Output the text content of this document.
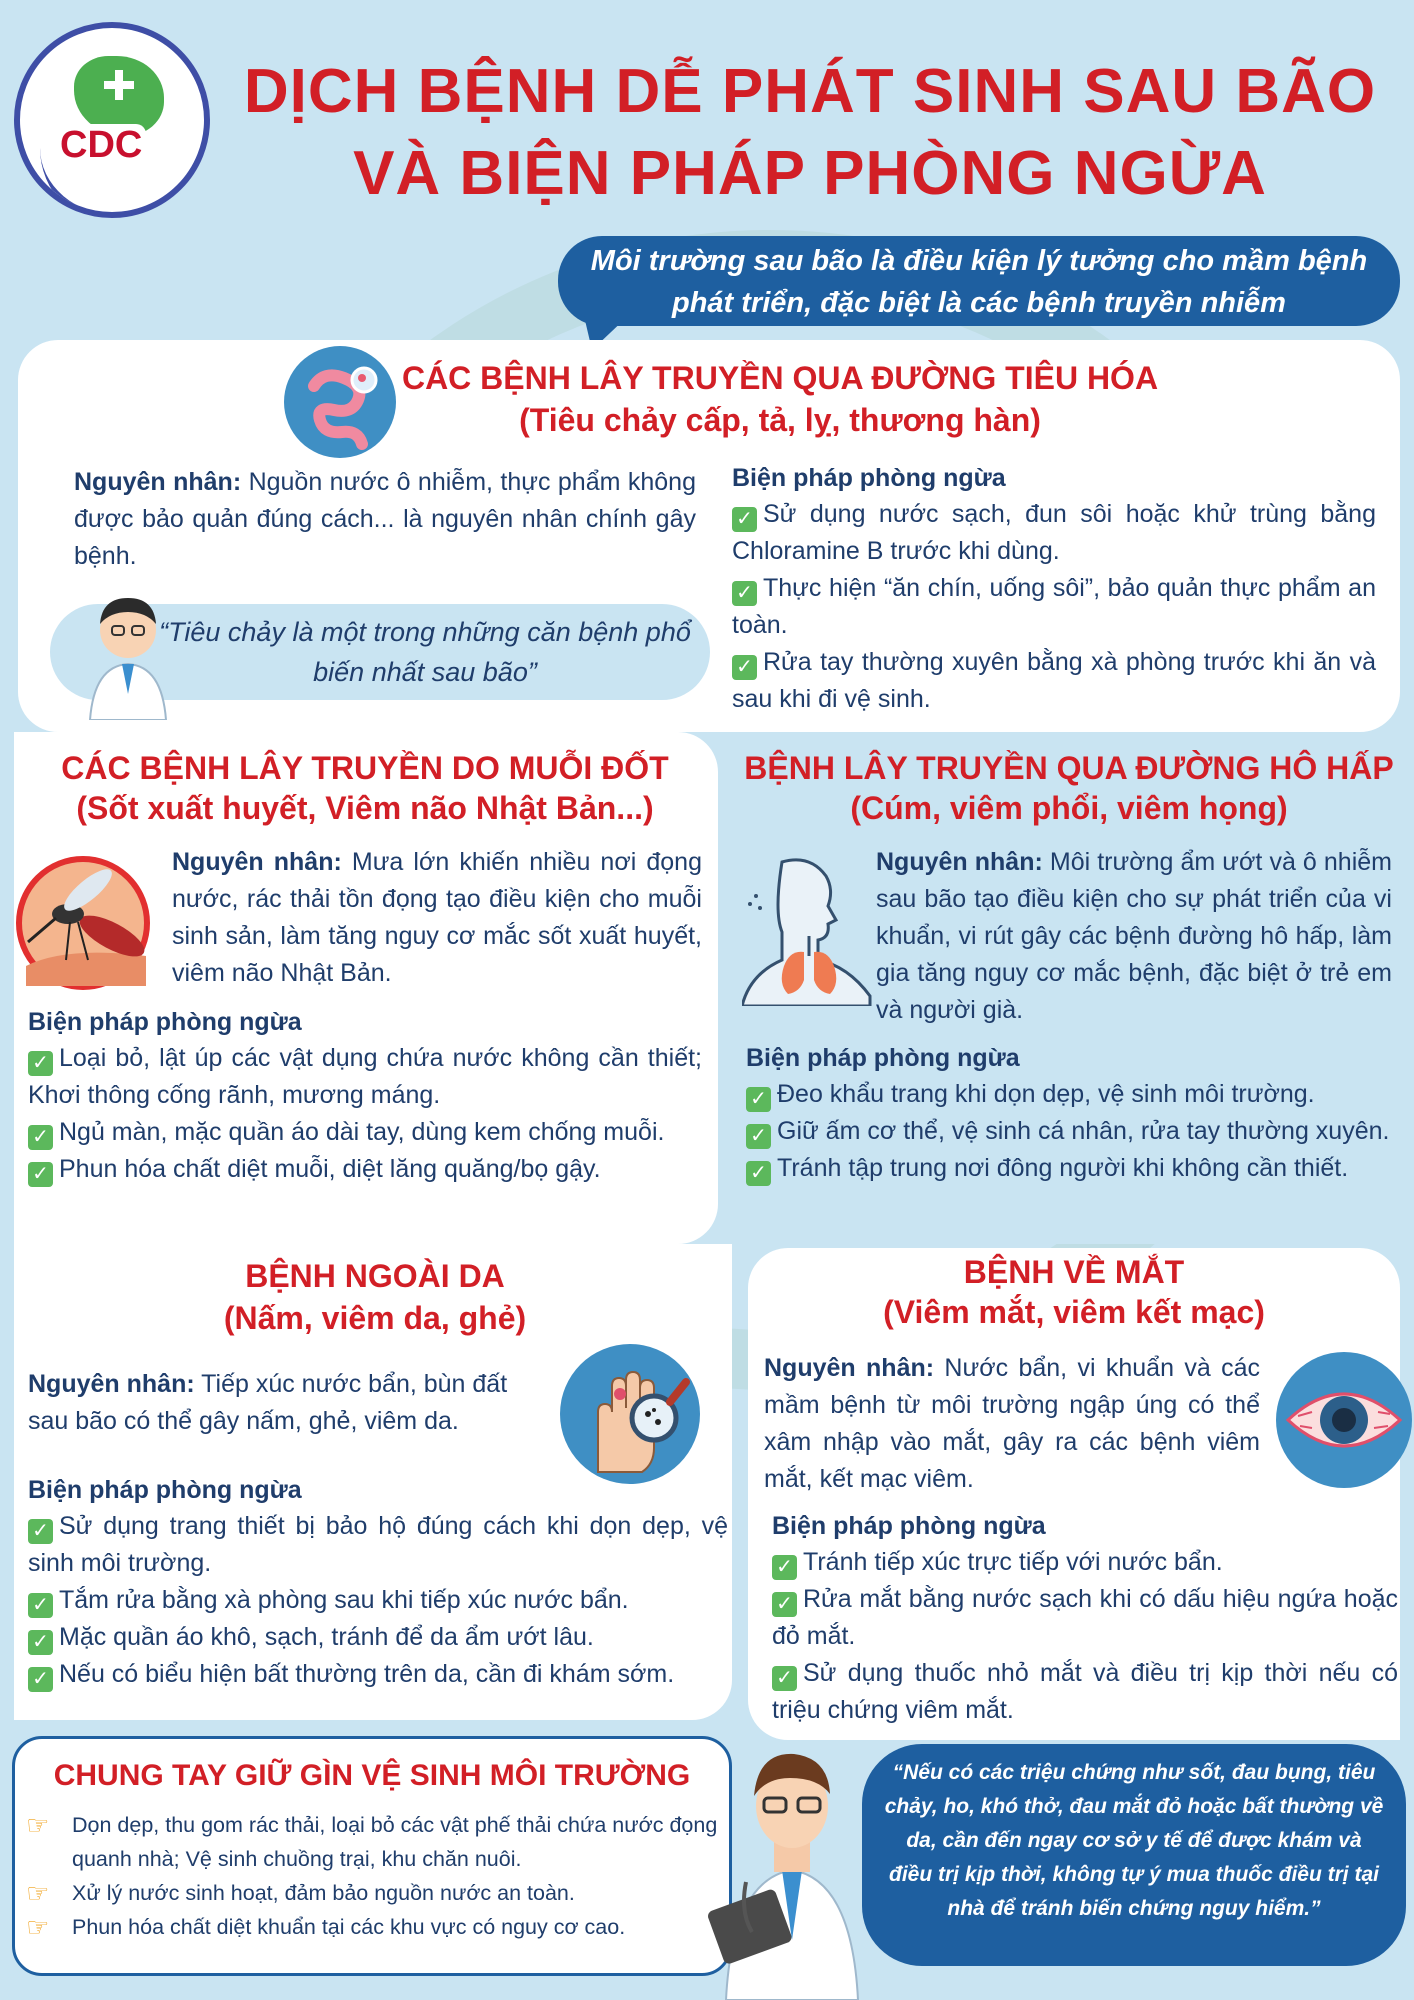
CDC
DỊCH BỆNH DỄ PHÁT SINH SAU BÃO
VÀ BIỆN PHÁP PHÒNG NGỪA
Môi trường sau bão là điều kiện lý tưởng cho mầm bệnh
phát triển, đặc biệt là các bệnh truyền nhiễm
CÁC BỆNH LÂY TRUYỀN QUA ĐƯỜNG TIÊU HÓA
(Tiêu chảy cấp, tả, lỵ, thương hàn)
Nguyên nhân: Nguồn nước ô nhiễm, thực phẩm không được bảo quản đúng cách... là nguyên nhân chính gây bệnh.
“Tiêu chảy là một trong những căn bệnh phổ biến nhất sau bão”
Biện pháp phòng ngừa
✓ Sử dụng nước sạch, đun sôi hoặc khử trùng bằng Chloramine B trước khi dùng.
✓ Thực hiện “ăn chín, uống sôi”, bảo quản thực phẩm an toàn.
✓ Rửa tay thường xuyên bằng xà phòng trước khi ăn và sau khi đi vệ sinh.
CÁC BỆNH LÂY TRUYỀN DO MUỖI ĐỐT
(Sốt xuất huyết, Viêm não Nhật Bản...)
Nguyên nhân: Mưa lớn khiến nhiều nơi đọng nước, rác thải tồn đọng tạo điều kiện cho muỗi sinh sản, làm tăng nguy cơ mắc sốt xuất huyết, viêm não Nhật Bản.
Biện pháp phòng ngừa
✓ Loại bỏ, lật úp các vật dụng chứa nước không cần thiết; Khơi thông cống rãnh, mương máng.
✓ Ngủ màn, mặc quần áo dài tay, dùng kem chống muỗi.
✓ Phun hóa chất diệt muỗi, diệt lăng quăng/bọ gậy.
BỆNH LÂY TRUYỀN QUA ĐƯỜNG HÔ HẤP
(Cúm, viêm phổi, viêm họng)
Nguyên nhân: Môi trường ẩm ướt và ô nhiễm sau bão tạo điều kiện cho sự phát triển của vi khuẩn, vi rút gây các bệnh đường hô hấp, làm gia tăng nguy cơ mắc bệnh, đặc biệt ở trẻ em và người già.
Biện pháp phòng ngừa
✓ Đeo khẩu trang khi dọn dẹp, vệ sinh môi trường.
✓ Giữ ấm cơ thể, vệ sinh cá nhân, rửa tay thường xuyên.
✓ Tránh tập trung nơi đông người khi không cần thiết.
BỆNH NGOÀI DA
(Nấm, viêm da, ghẻ)
Nguyên nhân: Tiếp xúc nước bẩn, bùn đất sau bão có thể gây nấm, ghẻ, viêm da.
Biện pháp phòng ngừa
✓ Sử dụng trang thiết bị bảo hộ đúng cách khi dọn dẹp, vệ sinh môi trường.
✓ Tắm rửa bằng xà phòng sau khi tiếp xúc nước bẩn.
✓ Mặc quần áo khô, sạch, tránh để da ẩm ướt lâu.
✓ Nếu có biểu hiện bất thường trên da, cần đi khám sớm.
BỆNH VỀ MẮT
(Viêm mắt, viêm kết mạc)
Nguyên nhân: Nước bẩn, vi khuẩn và các mầm bệnh từ môi trường ngập úng có thể xâm nhập vào mắt, gây ra các bệnh viêm mắt, kết mạc viêm.
Biện pháp phòng ngừa
✓ Tránh tiếp xúc trực tiếp với nước bẩn.
✓ Rửa mắt bằng nước sạch khi có dấu hiệu ngứa hoặc đỏ mắt.
✓ Sử dụng thuốc nhỏ mắt và điều trị kịp thời nếu có triệu chứng viêm mắt.
CHUNG TAY GIỮ GÌN VỆ SINH MÔI TRƯỜNG
☞ Dọn dẹp, thu gom rác thải, loại bỏ các vật phế thải chứa nước đọng quanh nhà; Vệ sinh chuồng trại, khu chăn nuôi.
☞ Xử lý nước sinh hoạt, đảm bảo nguồn nước an toàn.
☞ Phun hóa chất diệt khuẩn tại các khu vực có nguy cơ cao.
“Nếu có các triệu chứng như sốt, đau bụng, tiêu chảy, ho, khó thở, đau mắt đỏ hoặc bất thường về da, cần đến ngay cơ sở y tế để được khám và điều trị kịp thời, không tự ý mua thuốc điều trị tại nhà để tránh biến chứng nguy hiểm.”
